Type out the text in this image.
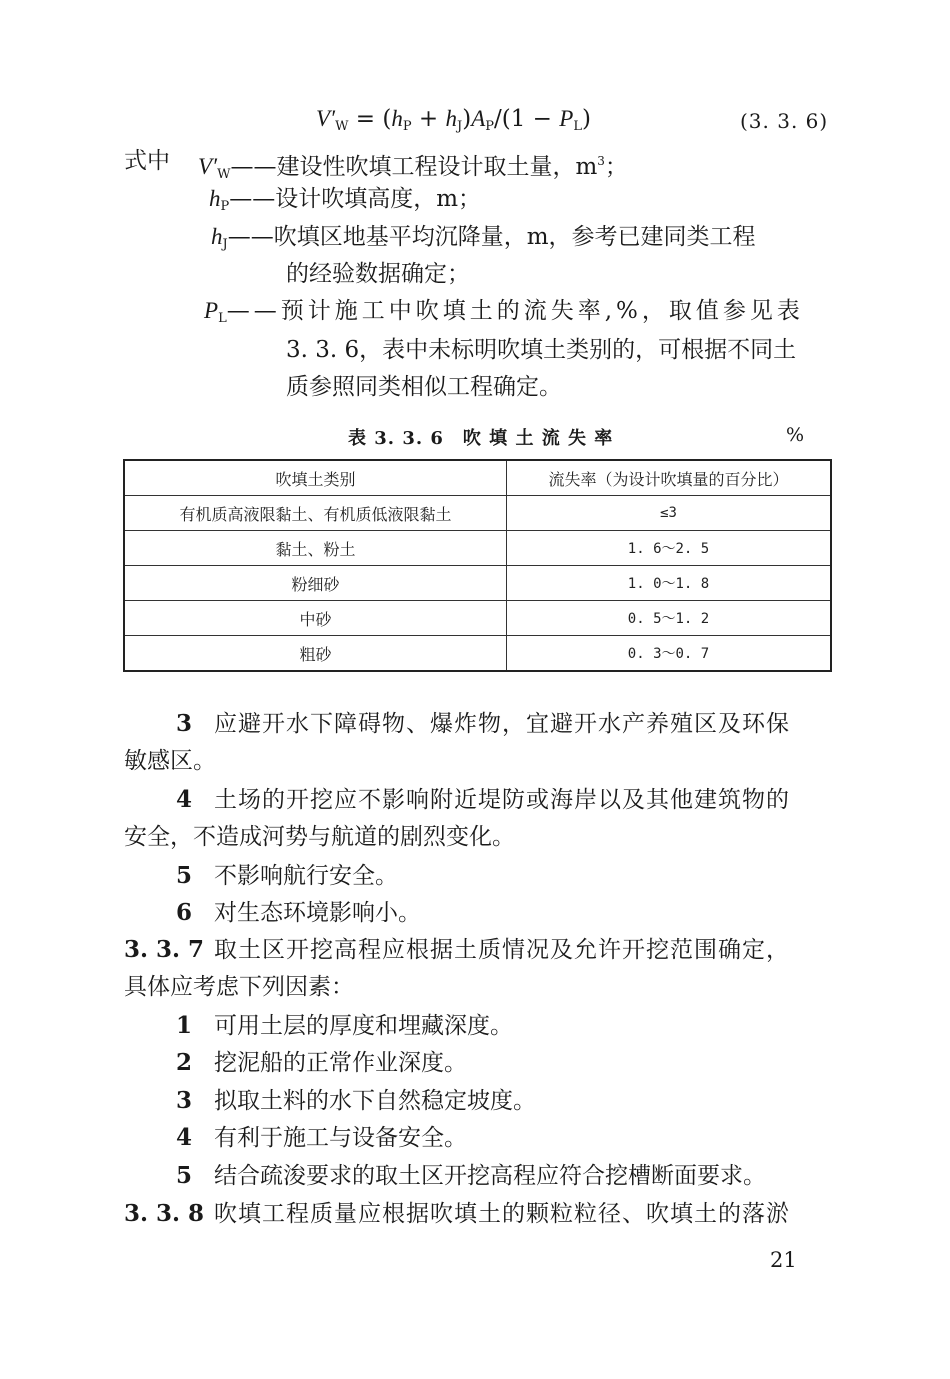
$V'_W = (h_P + h_J)A_P/(1 - P_L)$	(3. 3. 6)
式中 $V'_W——$建设性吹填工程设计取土量，$m^3$；
$h_P——$设计吹填高度，m；
$h_J——$吹填区地基平均沉降量，m，参考已建同类工程
的经验数据确定；
$P_L——$预计施工中吹填土的流失率,%，取值参见表
3. 3. 6，表中未标明吹填土类别的，可根据不同土
质参照同类相似工程确定。
表 3. 3. 6　吹 填 土 流 失 率	%
吹填土类别	流失率（为设计吹填量的百分比）
有机质高液限黏土、有机质低液限黏土	≤3
黏土、粉土	1. 6～2. 5
粉细砂	1. 0～1. 8
中砂	0. 5～1. 2
粗砂	0. 3～0. 7
3 应避开水下障碍物、爆炸物，宜避开水产养殖区及环保
敏感区。
4 土场的开挖应不影响附近堤防或海岸以及其他建筑物的
安全，不造成河势与航道的剧烈变化。
5 不影响航行安全。
6 对生态环境影响小。
3. 3. 7 取土区开挖高程应根据土质情况及允许开挖范围确定，
具体应考虑下列因素：
1 可用土层的厚度和埋藏深度。
2 挖泥船的正常作业深度。
3 拟取土料的水下自然稳定坡度。
4 有利于施工与设备安全。
5 结合疏浚要求的取土区开挖高程应符合挖槽断面要求。
3. 3. 8 吹填工程质量应根据吹填土的颗粒粒径、吹填土的落淤
21
